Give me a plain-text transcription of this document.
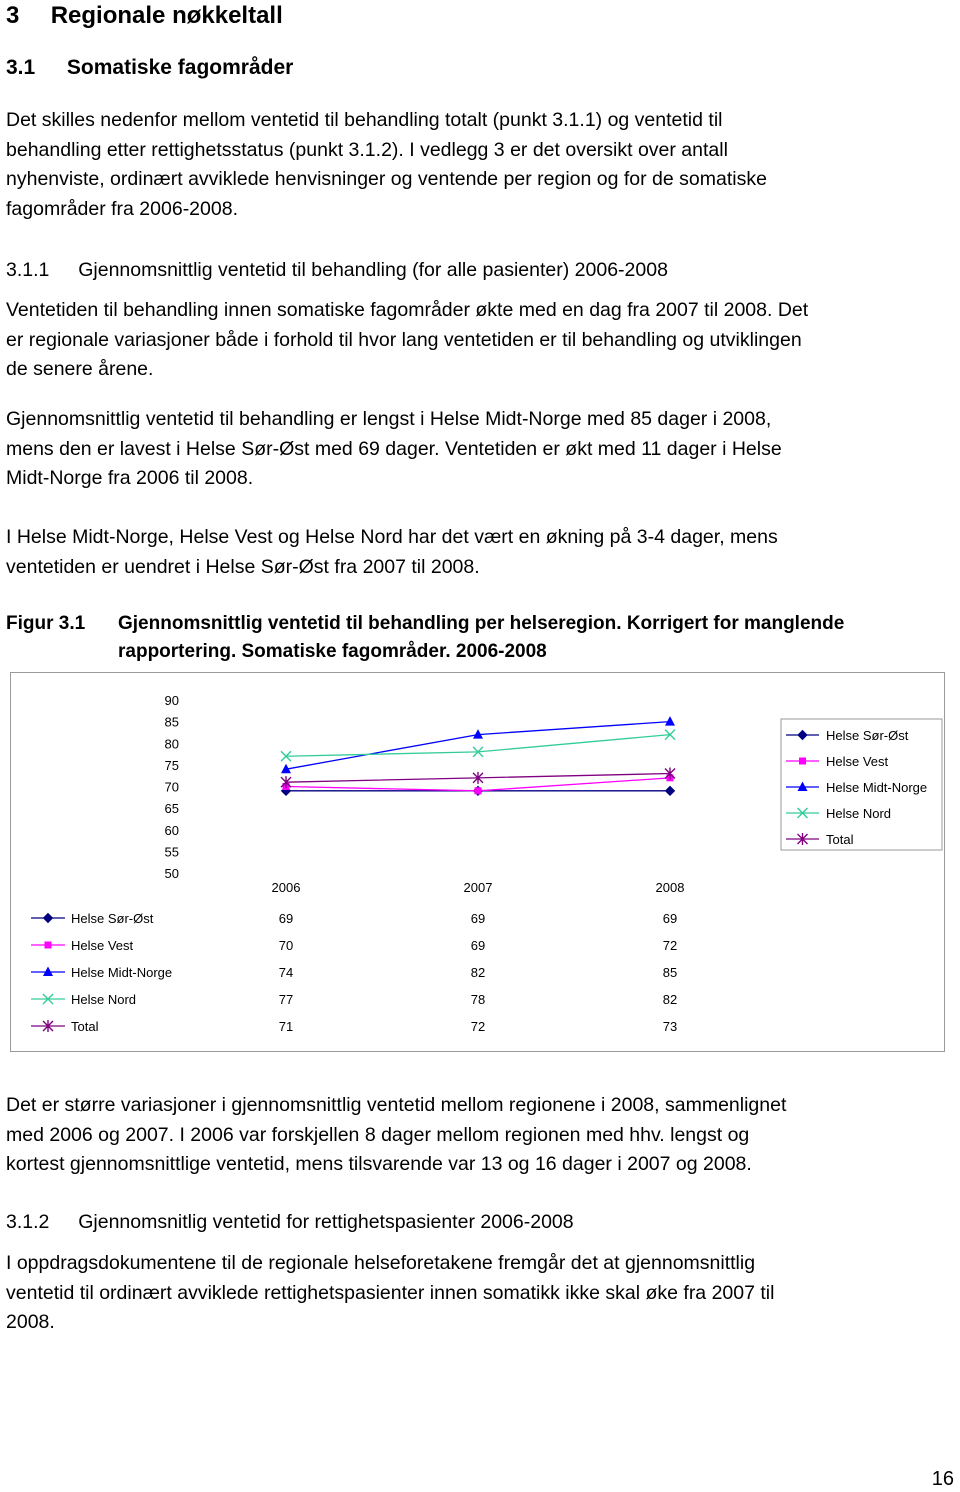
3 Regionale nøkkeltall
3.1 Somatiske fagområder
Det skilles nedenfor mellom ventetid til behandling totalt (punkt 3.1.1) og ventetid til
behandling etter rettighetsstatus (punkt 3.1.2). I vedlegg 3 er det oversikt over antall
nyhenviste, ordinært avviklede henvisninger og ventende per region og for de somatiske
fagområder fra 2006-2008.
3.1.1 Gjennomsnittlig ventetid til behandling (for alle pasienter) 2006-2008
Ventetiden til behandling innen somatiske fagområder økte med en dag fra 2007 til 2008. Det
er regionale variasjoner både i forhold til hvor lang ventetiden er til behandling og utviklingen
de senere årene.
Gjennomsnittlig ventetid til behandling er lengst i Helse Midt-Norge med 85 dager i 2008,
mens den er lavest i Helse Sør-Øst med 69 dager. Ventetiden er økt med 11 dager i Helse
Midt-Norge fra 2006 til 2008.
I Helse Midt-Norge, Helse Vest og Helse Nord har det vært en økning på 3-4 dager, mens
ventetiden er uendret i Helse Sør-Øst fra 2007 til 2008.
Figur 3.1 Gjennomsnittlig ventetid til behandling per helseregion. Korrigert for manglende
rapportering. Somatiske fagområder. 2006-2008
90
85
80
75
70
65
60
55
50
2006	2007	2008
Helse Sør-Øst
Helse Vest
Helse Midt-Norge
Helse Nord
Total
Helse Sør-Øst	69	69	69
Helse Vest	70	69	72
Helse Midt-Norge	74	82	85
Helse Nord	77	78	82
Total	71	72	73
Det er større variasjoner i gjennomsnittlig ventetid mellom regionene i 2008, sammenlignet
med 2006 og 2007. I 2006 var forskjellen 8 dager mellom regionen med hhv. lengst og
kortest gjennomsnittlige ventetid, mens tilsvarende var 13 og 16 dager i 2007 og 2008.
3.1.2 Gjennomsnitlig ventetid for rettighetspasienter 2006-2008
I oppdragsdokumentene til de regionale helseforetakene fremgår det at gjennomsnittlig
ventetid til ordinært avviklede rettighetspasienter innen somatikk ikke skal øke fra 2007 til
2008.
16
